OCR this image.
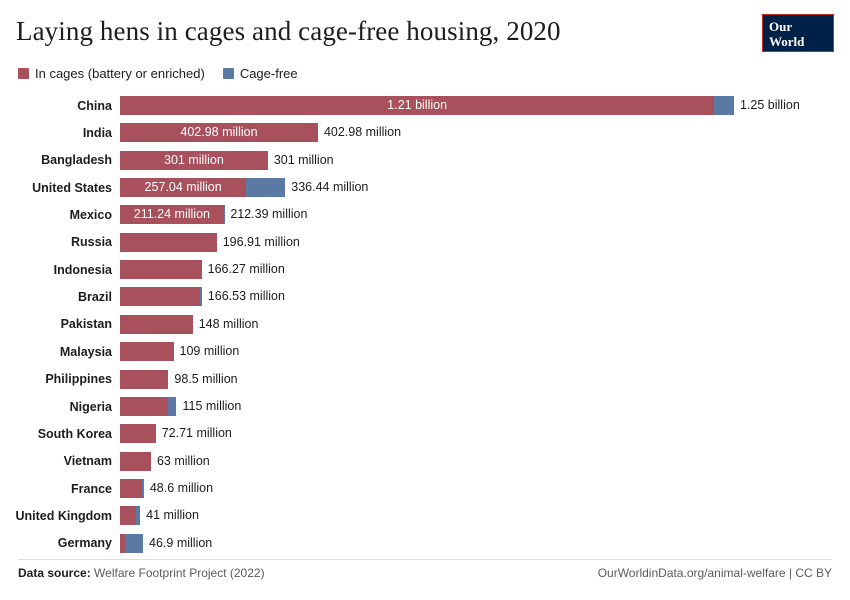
Laying hens in cages and cage-free housing, 2020	Our World
in Data
In cages (battery or enriched)	Cage-free
China	1.21 billion	1.25 billion
India	402.98 million	402.98 million
Bangladesh	301 million	301 million
United States	257.04 million	336.44 million
Mexico	211.24 million	212.39 million
Russia	196.91 million
Indonesia	166.27 million
Brazil	166.53 million
Pakistan	148 million
Malaysia	109 million
Philippines	98.5 million
Nigeria	115 million
South Korea	72.71 million
Vietnam	63 million
France	48.6 million
United Kingdom	41 million
Germany	46.9 million
Data source: Welfare Footprint Project (2022)	OurWorldinData.org/animal-welfare | CC BY
